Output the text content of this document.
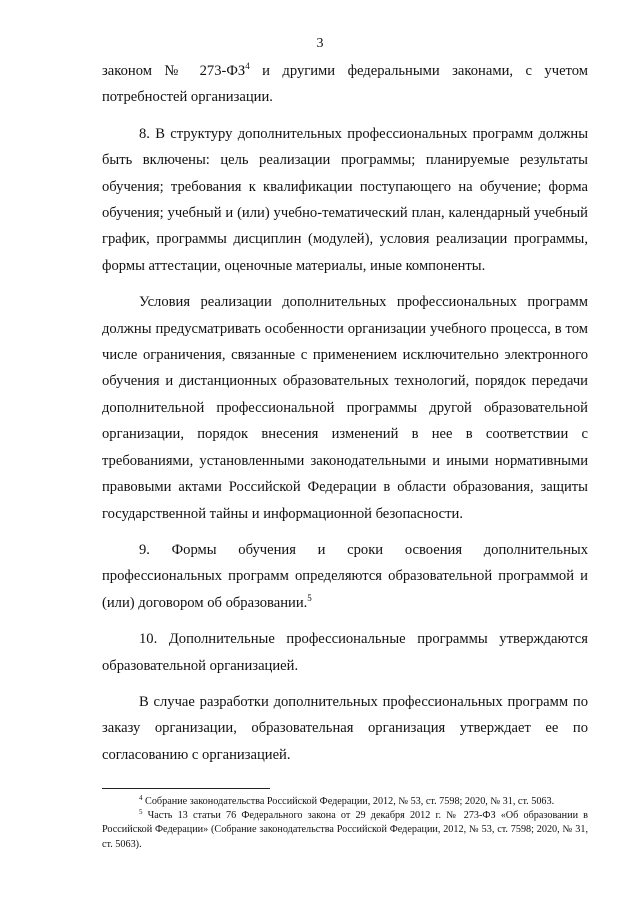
3

законом № $273-ФЗ^4$ и другими федеральными законами, с учетом потребностей организации.

8. В структуру дополнительных профессиональных программ должны быть включены: цель реализации программы; планируемые результаты обучения; требования к квалификации поступающего на обучение; форма обучения; учебный и (или) учебно-тематический план, календарный учебный график, программы дисциплин (модулей), условия реализации программы, формы аттестации, оценочные материалы, иные компоненты.

Условия реализации дополнительных профессиональных программ должны предусматривать особенности организации учебного процесса, в том числе ограничения, связанные с применением исключительно электронного обучения и дистанционных образовательных технологий, порядок передачи дополнительной профессиональной программы другой образовательной организации, порядок внесения изменений в нее в соответствии с требованиями, установленными законодательными и иными нормативными правовыми актами Российской Федерации в области образования, защиты государственной тайны и информационной безопасности.

9. Формы обучения и сроки освоения дополнительных профессиональных программ определяются образовательной программой и (или) договором об образовании.$^5$

10. Дополнительные профессиональные программы утверждаются образовательной организацией.

В случае разработки дополнительных профессиональных программ по заказу организации, образовательная организация утверждает ее по согласованию с организацией.

$^4$ Собрание законодательства Российской Федерации, 2012, № 53, ст. 7598; 2020, № 31, ст. 5063.

$^5$ Часть 13 статьи 76 Федерального закона от 29 декабря 2012 г. № 273-ФЗ «Об образовании в Российской Федерации» (Собрание законодательства Российской Федерации, 2012, № 53, ст. 7598; 2020, № 31, ст. 5063).
